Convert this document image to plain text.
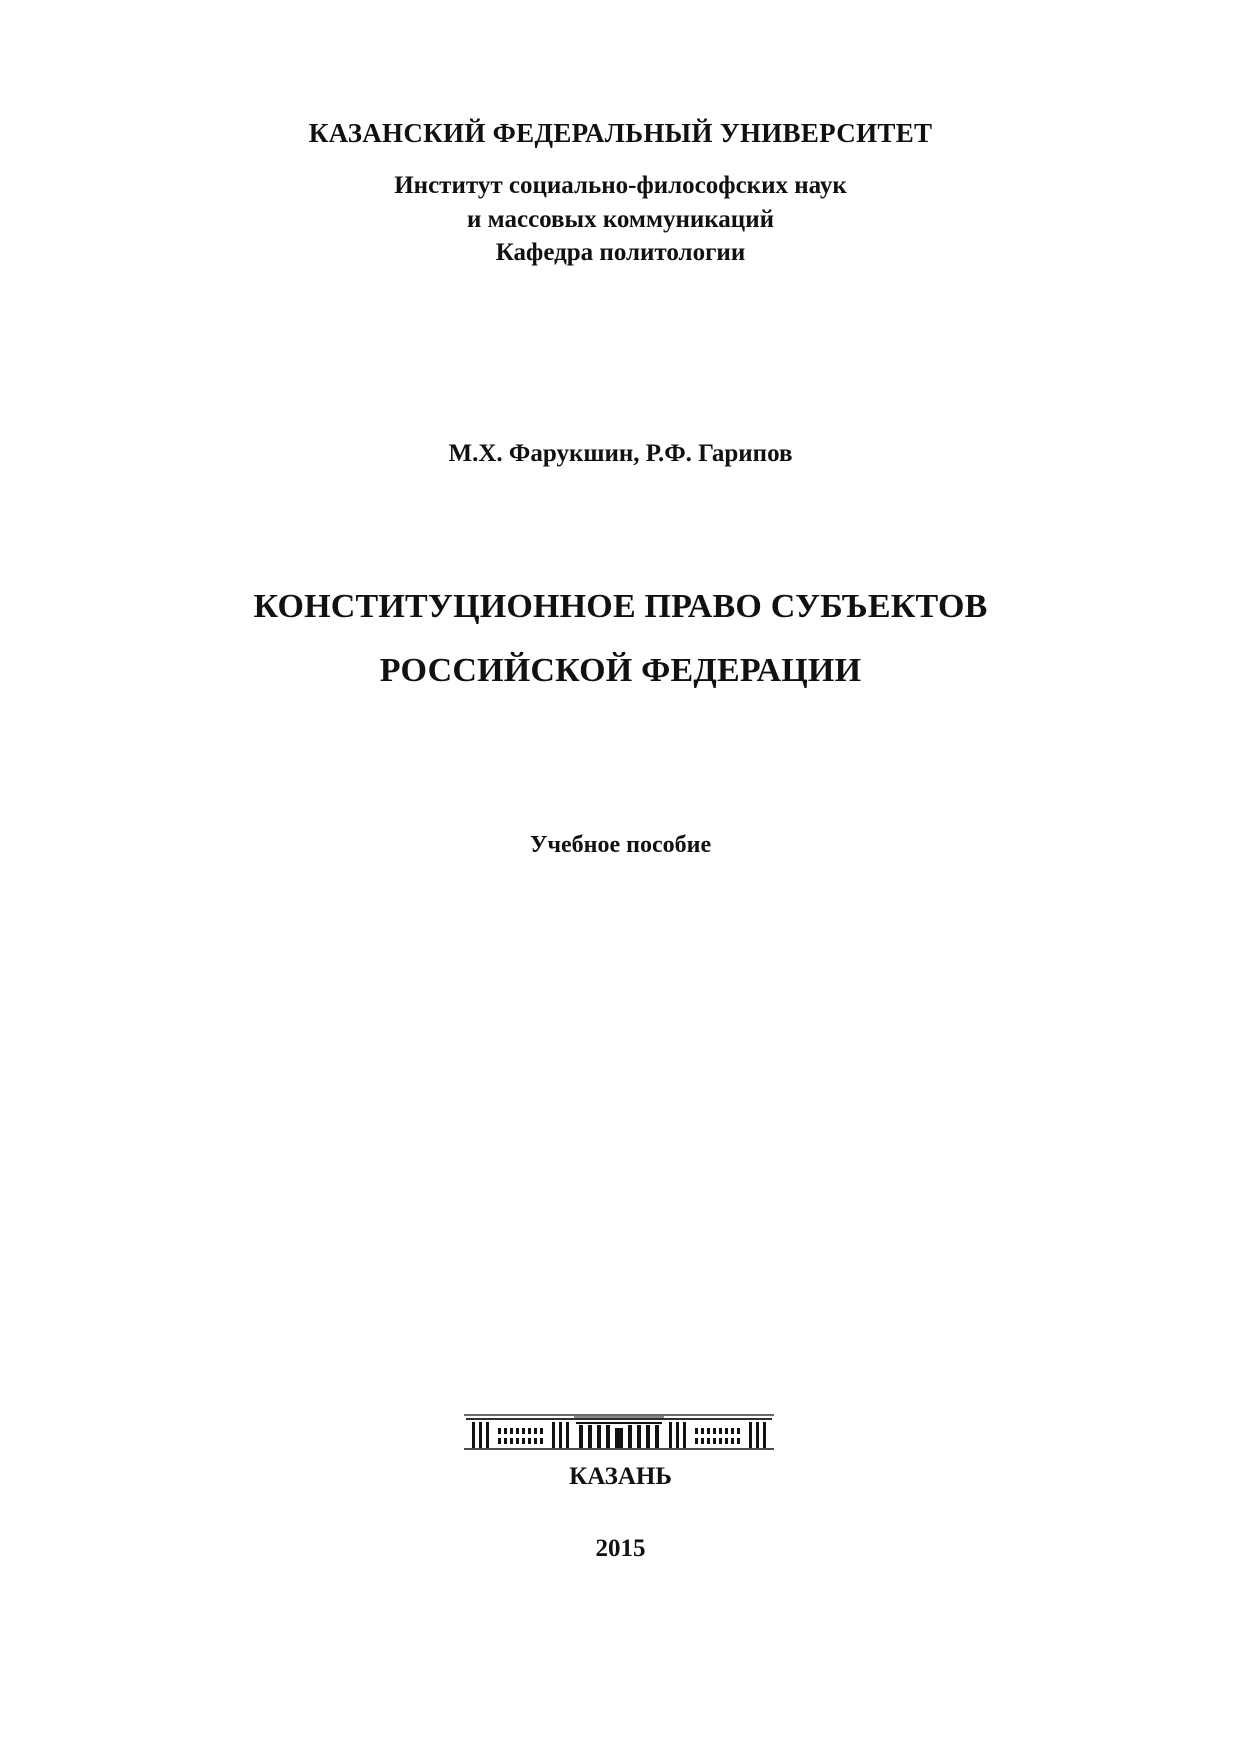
КАЗАНСКИЙ ФЕДЕРАЛЬНЫЙ УНИВЕРСИТЕТ
Институт социально-философских наук
и массовых коммуникаций
Кафедра политологии
М.Х. Фарукшин, Р.Ф. Гарипов
КОНСТИТУЦИОННОЕ ПРАВО СУБЪЕКТОВ
РОССИЙСКОЙ ФЕДЕРАЦИИ
Учебное пособие
КАЗАНЬ
2015
